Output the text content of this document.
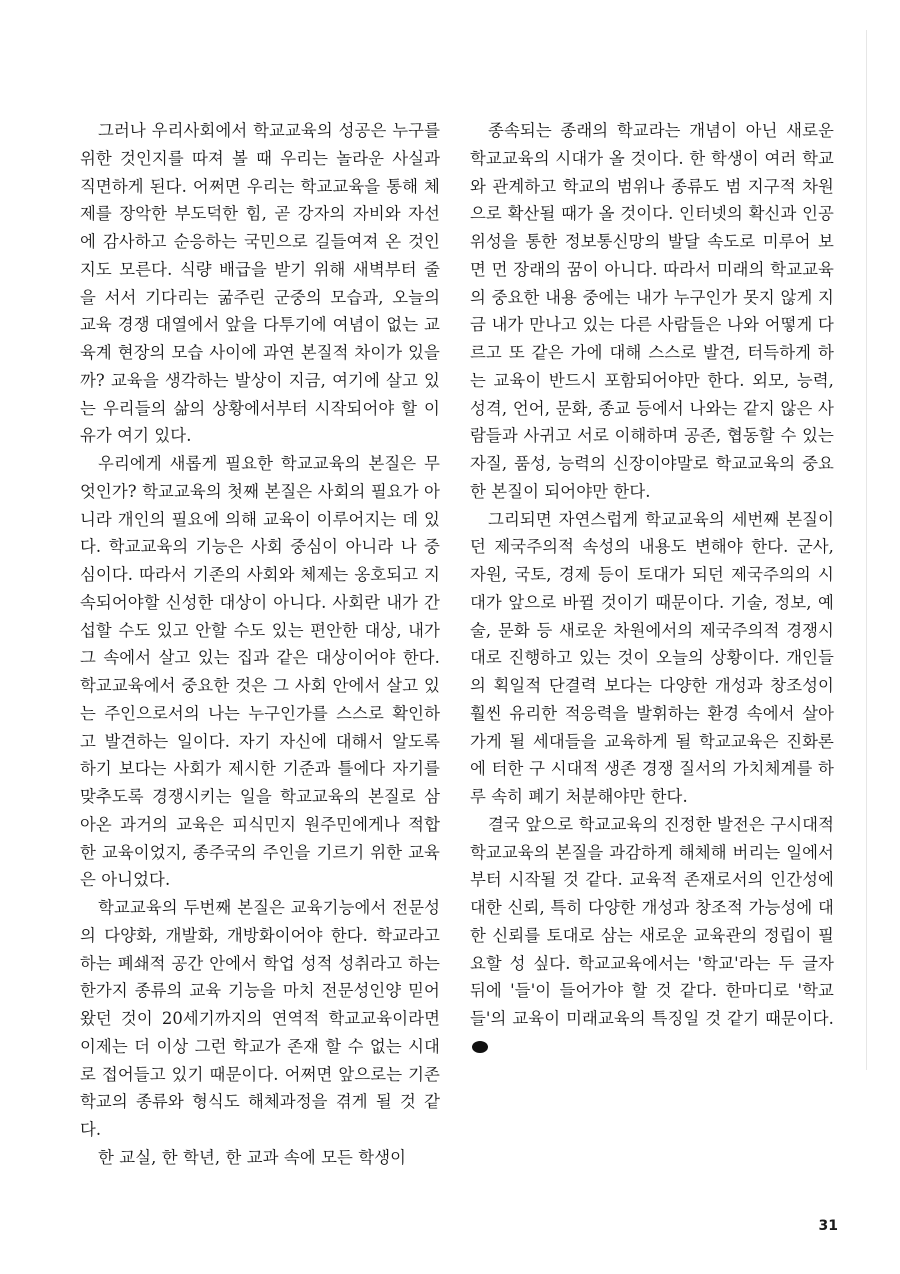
그러나 우리사회에서 학교교육의 성공은 누구를 위한 것인지를 따져 볼 때 우리는 놀라운 사실과 직면하게 된다. 어쩌면 우리는 학교교육을 통해 체제를 장악한 부도덕한 힘, 곧 강자의 자비와 자선에 감사하고 순응하는 국민으로 길들여져 온 것인지도 모른다. 식량 배급을 받기 위해 새벽부터 줄을 서서 기다리는 굶주린 군중의 모습과, 오늘의 교육 경쟁 대열에서 앞을 다투기에 여념이 없는 교육계 현장의 모습 사이에 과연 본질적 차이가 있을까? 교육을 생각하는 발상이 지금, 여기에 살고 있는 우리들의 삶의 상황에서부터 시작되어야 할 이유가 여기 있다.

우리에게 새롭게 필요한 학교교육의 본질은 무엇인가? 학교교육의 첫째 본질은 사회의 필요가 아니라 개인의 필요에 의해 교육이 이루어지는 데 있다. 학교교육의 기능은 사회 중심이 아니라 나 중심이다. 따라서 기존의 사회와 체제는 옹호되고 지속되어야할 신성한 대상이 아니다. 사회란 내가 간섭할 수도 있고 안할 수도 있는 편안한 대상, 내가 그 속에서 살고 있는 집과 같은 대상이어야 한다. 학교교육에서 중요한 것은 그 사회 안에서 살고 있는 주인으로서의 나는 누구인가를 스스로 확인하고 발견하는 일이다. 자기 자신에 대해서 알도록 하기 보다는 사회가 제시한 기준과 틀에다 자기를 맞추도록 경쟁시키는 일을 학교교육의 본질로 삼아온 과거의 교육은 피식민지 원주민에게나 적합한 교육이었지, 종주국의 주인을 기르기 위한 교육은 아니었다.

학교교육의 두번째 본질은 교육기능에서 전문성의 다양화, 개발화, 개방화이어야 한다. 학교라고 하는 폐쇄적 공간 안에서 학업 성적 성취라고 하는 한가지 종류의 교육 기능을 마치 전문성인양 믿어왔던 것이 20세기까지의 연역적 학교교육이라면 이제는 더 이상 그런 학교가 존재 할 수 없는 시대로 접어들고 있기 때문이다. 어쩌면 앞으로는 기존학교의 종류와 형식도 해체과정을 겪게 될 것 같다.

한 교실, 한 학년, 한 교과 속에 모든 학생이

종속되는 종래의 학교라는 개념이 아닌 새로운 학교교육의 시대가 올 것이다. 한 학생이 여러 학교와 관계하고 학교의 범위나 종류도 범 지구적 차원으로 확산될 때가 올 것이다. 인터넷의 확신과 인공위성을 통한 정보통신망의 발달 속도로 미루어 보면 먼 장래의 꿈이 아니다. 따라서 미래의 학교교육의 중요한 내용 중에는 내가 누구인가 못지 않게 지금 내가 만나고 있는 다른 사람들은 나와 어떻게 다르고 또 같은 가에 대해 스스로 발견, 터득하게 하는 교육이 반드시 포함되어야만 한다. 외모, 능력, 성격, 언어, 문화, 종교 등에서 나와는 같지 않은 사람들과 사귀고 서로 이해하며 공존, 협동할 수 있는 자질, 품성, 능력의 신장이야말로 학교교육의 중요한 본질이 되어야만 한다.

그리되면 자연스럽게 학교교육의 세번째 본질이던 제국주의적 속성의 내용도 변해야 한다. 군사, 자원, 국토, 경제 등이 토대가 되던 제국주의의 시대가 앞으로 바뀔 것이기 때문이다. 기술, 정보, 예술, 문화 등 새로운 차원에서의 제국주의적 경쟁시대로 진행하고 있는 것이 오늘의 상황이다. 개인들의 획일적 단결력 보다는 다양한 개성과 창조성이 훨씬 유리한 적응력을 발휘하는 환경 속에서 살아가게 될 세대들을 교육하게 될 학교교육은 진화론에 터한 구 시대적 생존 경쟁 질서의 가치체계를 하루 속히 폐기 처분해야만 한다.

결국 앞으로 학교교육의 진정한 발전은 구시대적 학교교육의 본질을 과감하게 해체해 버리는 일에서부터 시작될 것 같다. 교육적 존재로서의 인간성에 대한 신뢰, 특히 다양한 개성과 창조적 가능성에 대한 신뢰를 토대로 삼는 새로운 교육관의 정립이 필요할 성 싶다. 학교교육에서는 '학교'라는 두 글자 뒤에 '들'이 들어가야 할 것 같다. 한마디로 '학교들'의 교육이 미래교육의 특징일 것 같기 때문이다.

31
